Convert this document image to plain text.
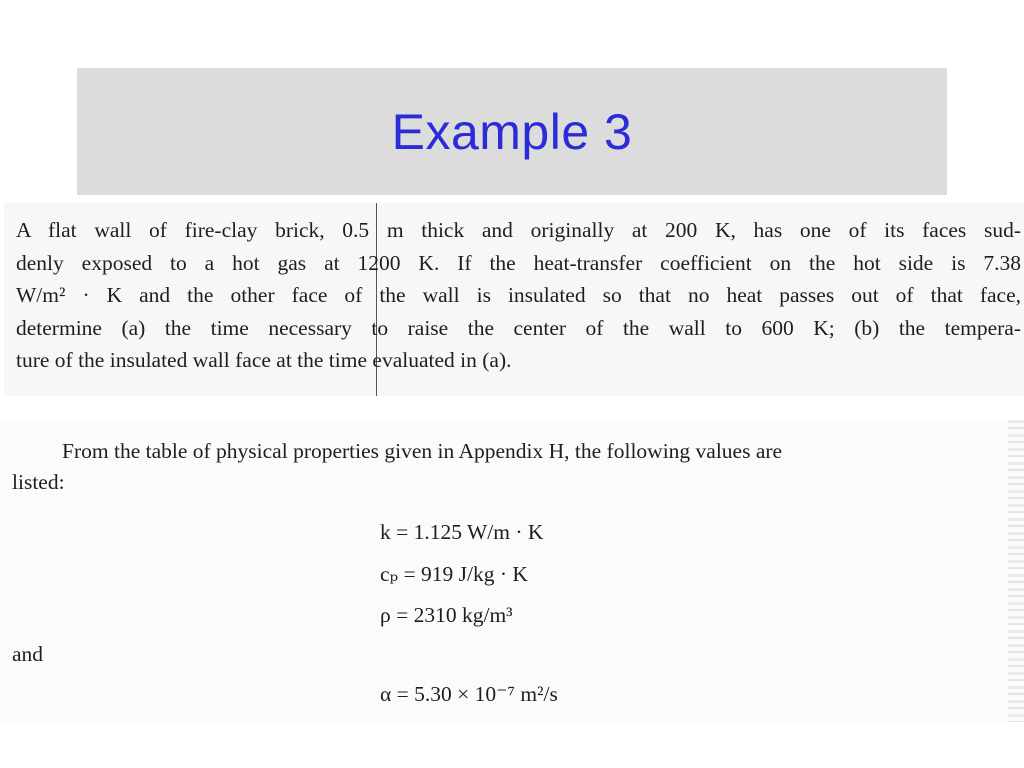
Example 3
A flat wall of fire-clay brick, 0.5 m thick and originally at 200 K, has one of its faces sud-
denly exposed to a hot gas at 1200 K. If the heat-transfer coefficient on the hot side is 7.38
W/m² · K and the other face of the wall is insulated so that no heat passes out of that face,
determine (a) the time necessary to raise the center of the wall to 600 K; (b) the tempera-
ture of the insulated wall face at the time evaluated in (a).
From the table of physical properties given in Appendix H, the following values are
listed:
k = 1.125 W/m · K
cₚ = 919 J/kg · K
ρ = 2310 kg/m³
and
α = 5.30 × 10⁻⁷ m²/s
